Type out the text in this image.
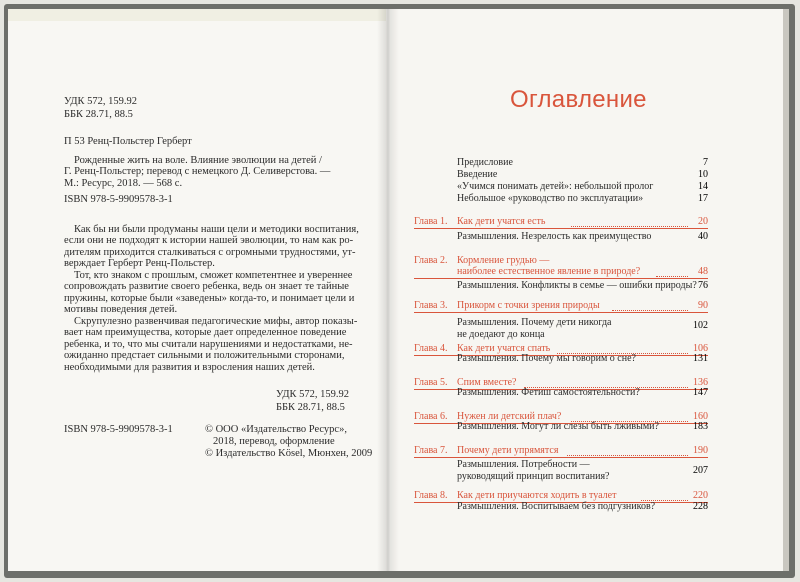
УДК 572, 159.92
ББК 28.71, 88.5
П 53 Ренц-Польстер Герберт
Рожденные жить на воле. Влияние эволюции на детей /
Г. Ренц-Польстер; перевод с немецкого Д. Селиверстова. —
М.: Ресурс, 2018. — 568 с.
ISBN 978-5-9909578-3-1
Как бы ни были продуманы наши цели и методики воспитания,
если они не подходят к истории нашей эволюции, то нам как ро-
дителям приходится сталкиваться с огромными трудностями, ут-
верждает Герберт Ренц-Польстер.
Тот, кто знаком с прошлым, сможет компетентнее и увереннее
сопровождать развитие своего ребенка, ведь он знает те тайные
пружины, которые были «заведены» когда-то, и понимает цели и
мотивы поведения детей.
Скрупулезно развенчивая педагогические мифы, автор показы-
вает нам преимущества, которые дает определенное поведение
ребенка, и то, что мы считали нарушениями и недостатками, не-
ожиданно предстает сильными и положительными сторонами,
необходимыми для развития и взросления наших детей.
УДК 572, 159.92
ББК 28.71, 88.5
ISBN 978-5-9909578-3-1	© ООО «Издательство Ресурс»,
2018, перевод, оформление
© Издательство Kösel, Мюнхен, 2009
Оглавление
Предисловие	7
Введение	10
«Учимся понимать детей»: небольшой пролог	14
Небольшое «руководство по эксплуатации»	17
Глава 1. Как дети учатся есть	20
Размышления. Незрелость как преимущество	40
Глава 2. Кормление грудью —
наиболее естественное явление в природе?	48
Размышления. Конфликты в семье — ошибки природы? 76
Глава 3. Прикорм с точки зрения природы	90
Размышления. Почему дети никогда
не доедают до конца
102
Глава 4. Как дети учатся спать	106
Размышления. Почему мы говорим о сне?	131
Глава 5. Спим вместе?	136
Размышления. Фетиш самостоятельности?	147
Глава 6. Нужен ли детский плач?	160
Размышления. Могут ли слезы быть лживыми?	183
Глава 7. Почему дети упрямятся	190
Размышления. Потребности —
руководящий принцип воспитания?
207
Глава 8. Как дети приучаются ходить в туалет	220
Размышления. Воспитываем без подгузников?	228
